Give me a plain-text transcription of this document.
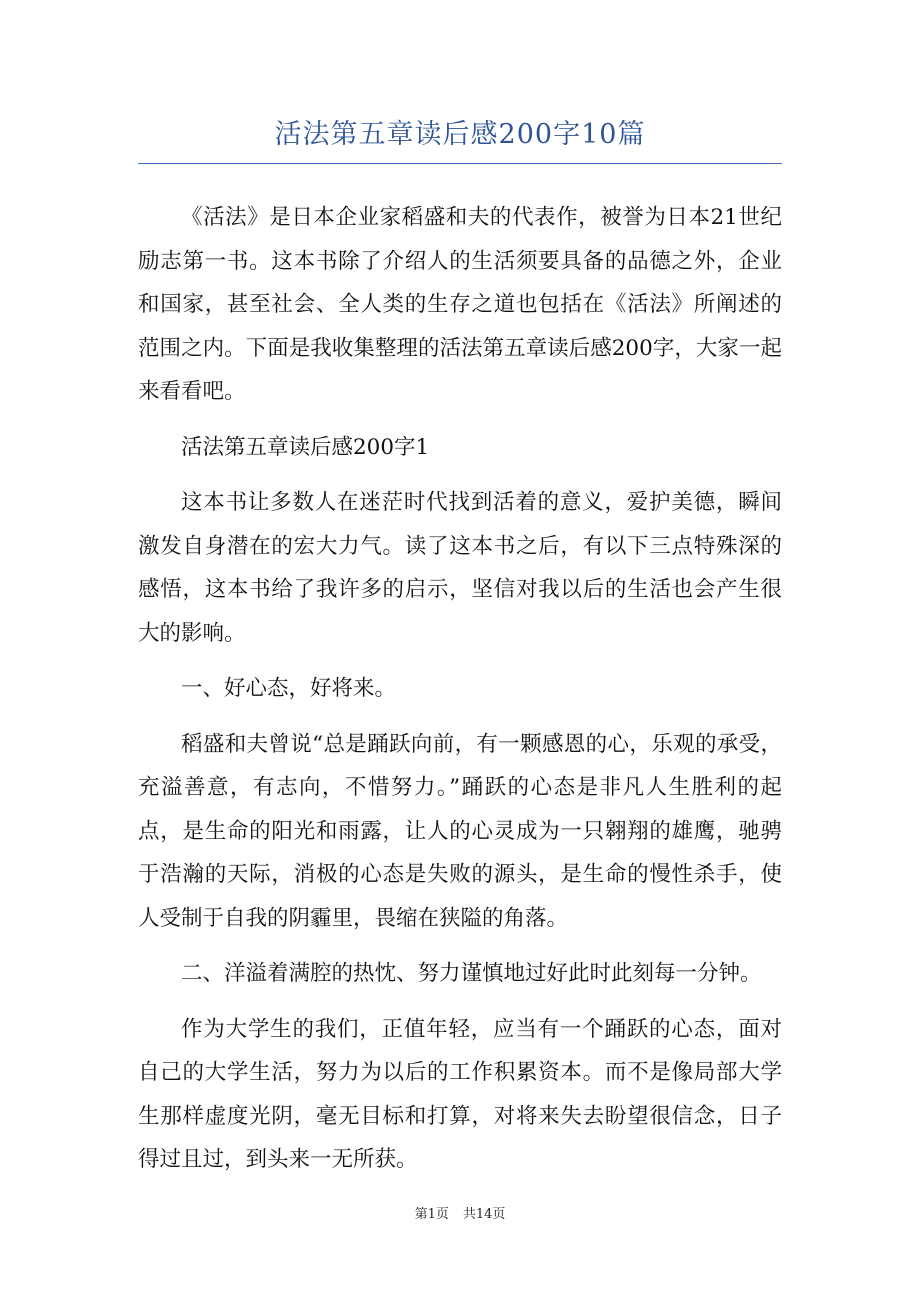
活法第五章读后感200字10篇

《活法》是日本企业家稻盛和夫的代表作，被誉为日本21世纪励志第一书。这本书除了介绍人的生活须要具备的品德之外，企业和国家，甚至社会、全人类的生存之道也包括在《活法》所阐述的范围之内。下面是我收集整理的活法第五章读后感200字，大家一起来看看吧。

活法第五章读后感200字1

这本书让多数人在迷茫时代找到活着的意义，爱护美德，瞬间激发自身潜在的宏大力气。读了这本书之后，有以下三点特殊深的感悟，这本书给了我许多的启示，坚信对我以后的生活也会产生很大的影响。

一、好心态，好将来。

稻盛和夫曾说“总是踊跃向前，有一颗感恩的心，乐观的承受，充溢善意，有志向，不惜努力。”踊跃的心态是非凡人生胜利的起点，是生命的阳光和雨露，让人的心灵成为一只翱翔的雄鹰，驰骋于浩瀚的天际，消极的心态是失败的源头，是生命的慢性杀手，使人受制于自我的阴霾里，畏缩在狭隘的角落。

二、洋溢着满腔的热忱、努力谨慎地过好此时此刻每一分钟。

作为大学生的我们，正值年轻，应当有一个踊跃的心态，面对自己的大学生活，努力为以后的工作积累资本。而不是像局部大学生那样虚度光阴，毫无目标和打算，对将来失去盼望很信念，日子得过且过，到头来一无所获。

第1页 共14页
